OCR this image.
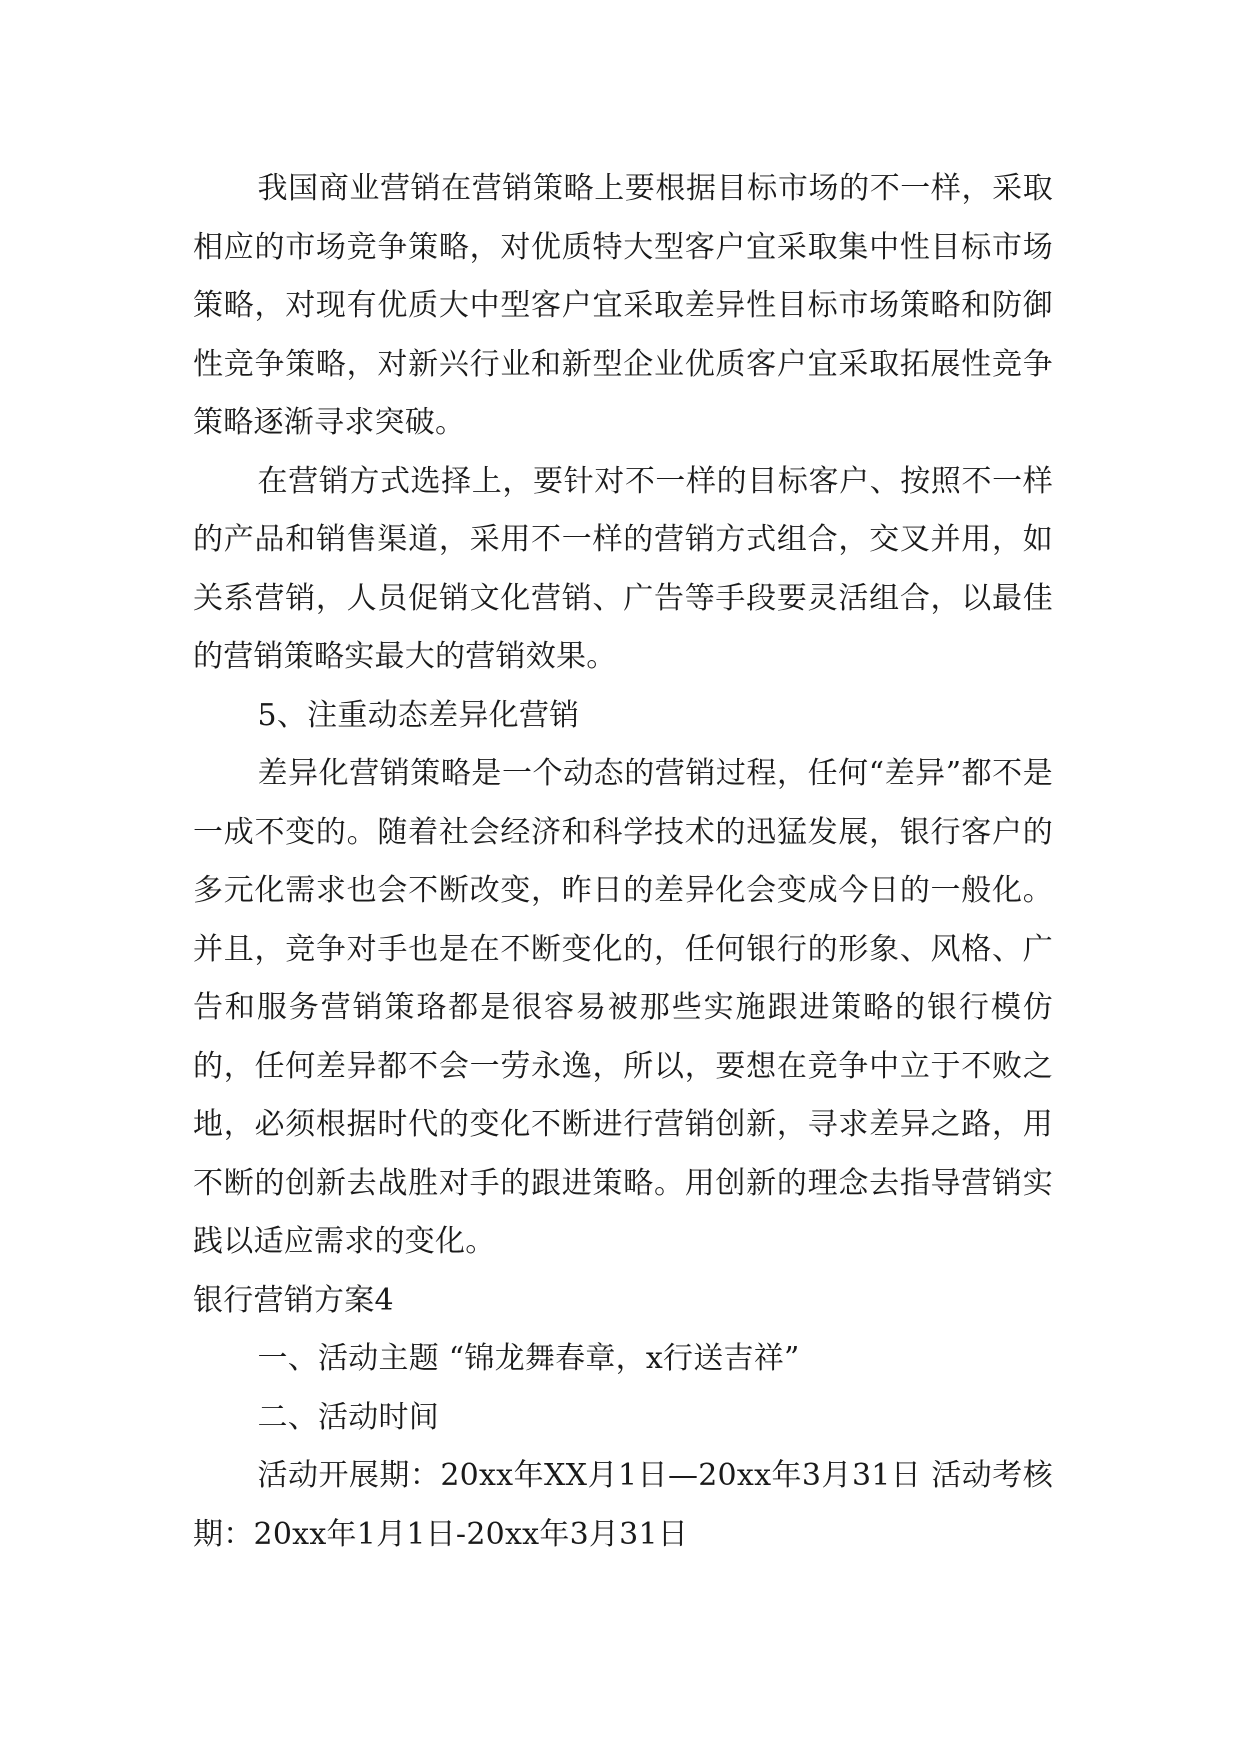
我国商业营销在营销策略上要根据目标市场的不一样，采取相应的市场竞争策略，对优质特大型客户宜采取集中性目标市场策略，对现有优质大中型客户宜采取差异性目标市场策略和防御性竞争策略，对新兴行业和新型企业优质客户宜采取拓展性竞争策略逐渐寻求突破。

在营销方式选择上，要针对不一样的目标客户、按照不一样的产品和销售渠道，采用不一样的营销方式组合，交叉并用，如关系营销，人员促销文化营销、广告等手段要灵活组合，以最佳的营销策略实最大的营销效果。

5、注重动态差异化营销

差异化营销策略是一个动态的营销过程，任何“差异”都不是一成不变的。随着社会经济和科学技术的迅猛发展，银行客户的多元化需求也会不断改变，昨日的差异化会变成今日的一般化。并且，竞争对手也是在不断变化的，任何银行的形象、风格、广告和服务营销策珞都是很容易被那些实施跟进策略的银行模仿的，任何差异都不会一劳永逸，所以，要想在竞争中立于不败之地，必须根据时代的变化不断进行营销创新，寻求差异之路，用不断的创新去战胜对手的跟进策略。用创新的理念去指导营销实践以适应需求的变化。

银行营销方案4

一、活动主题 “锦龙舞春章，x行送吉祥”

二、活动时间

活动开展期：20xx年XX月1日—20xx年3月31日 活动考核期：20xx年1月1日-20xx年3月31日
